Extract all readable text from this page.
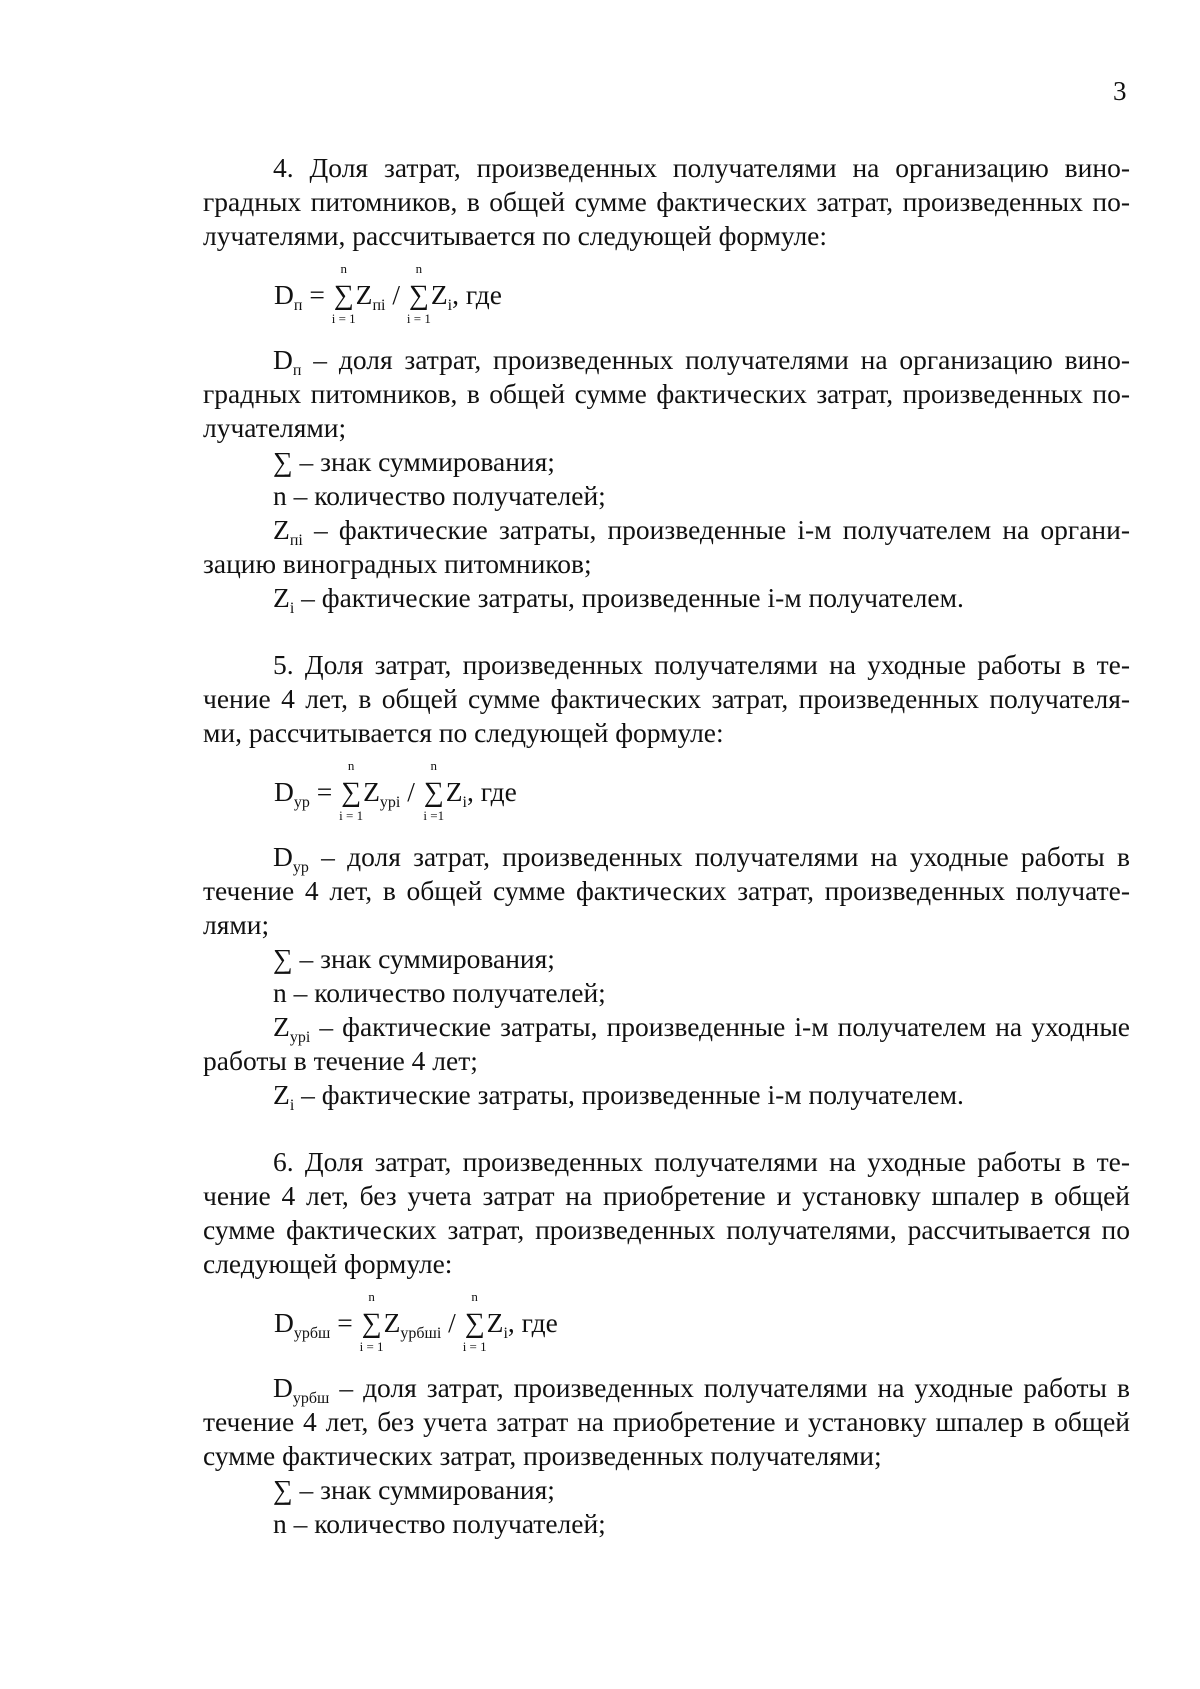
3
4. Доля затрат, произведенных получателями на организацию вино-
градных питомников, в общей сумме фактических затрат, произведенных по-
лучателями, рассчитывается по следующей формуле:
$D_п$ = ∑
n
i = 1
$Z_{пi}$ / ∑
n
i = 1
$Z_i$, где
$D_п$ – доля затрат, произведенных получателями на организацию вино-
градных питомников, в общей сумме фактических затрат, произведенных по-
лучателями;
∑ – знак суммирования;
n – количество получателей;
$Z_{пi}$ – фактические затраты, произведенные i-м получателем на органи-
зацию виноградных питомников;
$Z_i$ – фактические затраты, произведенные i-м получателем.
5. Доля затрат, произведенных получателями на уходные работы в те-
чение 4 лет, в общей сумме фактических затрат, произведенных получателя-
ми, рассчитывается по следующей формуле:
$D_{ур}$ = ∑
n
i = 1
$Z_{урi}$ / ∑
n
i =1
$Z_i$, где
$D_{ур}$ – доля затрат, произведенных получателями на уходные работы в
течение 4 лет, в общей сумме фактических затрат, произведенных получате-
лями;
∑ – знак суммирования;
n – количество получателей;
$Z_{урi}$ – фактические затраты, произведенные i-м получателем на уходные
работы в течение 4 лет;
$Z_i$ – фактические затраты, произведенные i-м получателем.
6. Доля затрат, произведенных получателями на уходные работы в те-
чение 4 лет, без учета затрат на приобретение и установку шпалер в общей
сумме фактических затрат, произведенных получателями, рассчитывается по
следующей формуле:
$D_{урбш}$ = ∑
n
i = 1
$Z_{урбшi}$ / ∑
n
i = 1
$Z_i$, где
$D_{урбш}$ – доля затрат, произведенных получателями на уходные работы в
течение 4 лет, без учета затрат на приобретение и установку шпалер в общей
сумме фактических затрат, произведенных получателями;
∑ – знак суммирования;
n – количество получателей;
